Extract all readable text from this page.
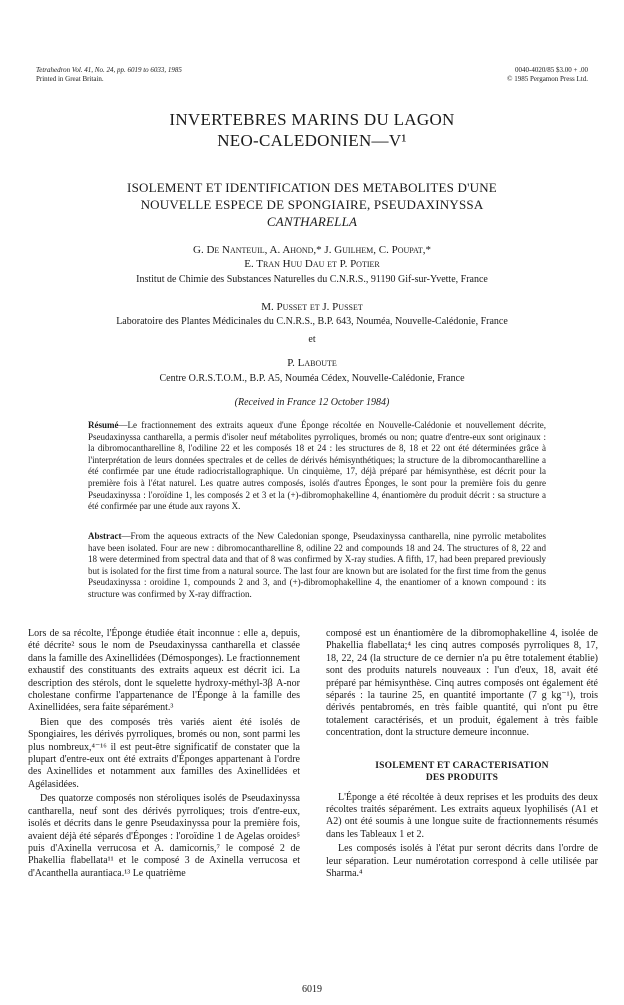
Tetrahedron Vol. 41, No. 24, pp. 6019 to 6033, 1985
Printed in Great Britain.
0040-4020/85 $3.00 + .00
© 1985 Pergamon Press Ltd.
INVERTEBRES MARINS DU LAGON
NEO-CALEDONIEN—V¹
ISOLEMENT ET IDENTIFICATION DES METABOLITES D'UNE
NOUVELLE ESPECE DE SPONGIAIRE, PSEUDAXINYSSA
CANTHARELLA
G. De Nanteuil, A. Ahond,* J. Guilhem, C. Poupat,*
E. Tran Huu Dau et P. Potier
Institut de Chimie des Substances Naturelles du C.N.R.S., 91190 Gif-sur-Yvette, France
M. Pusset et J. Pusset
Laboratoire des Plantes Médicinales du C.N.R.S., B.P. 643, Nouméa, Nouvelle-Calédonie, France
et
P. Laboute
Centre O.R.S.T.O.M., B.P. A5, Nouméa Cédex, Nouvelle-Calédonie, France
(Received in France 12 October 1984)
Résumé—Le fractionnement des extraits aqueux d'une Éponge récoltée en Nouvelle-Calédonie et nouvellement décrite, Pseudaxinyssa cantharella, a permis d'isoler neuf métabolites pyrroliques, bromés ou non; quatre d'entre-eux sont originaux : la dibromocantharelline 8, l'odiline 22 et les composés 18 et 24 : les structures de 8, 18 et 22 ont été déterminées grâce à l'interprétation de leurs données spectrales et de celles de dérivés hémisynthétiques; la structure de la dibromocantharelline a été confirmée par une étude radiocristallographique. Un cinquième, 17, déjà préparé par hémisynthèse, est décrit pour la première fois à l'état naturel. Les quatre autres composés, isolés d'autres Éponges, le sont pour la première fois du genre Pseudaxinyssa : l'oroïdine 1, les composés 2 et 3 et la (+)-dibromophakelline 4, énantiomère du produit décrit : sa structure a été confirmée par une étude aux rayons X.
Abstract—From the aqueous extracts of the New Caledonian sponge, Pseudaxinyssa cantharella, nine pyrrolic metabolites have been isolated. Four are new : dibromocantharelline 8, odiline 22 and compounds 18 and 24. The structures of 8, 22 and 18 were determined from spectral data and that of 8 was confirmed by X-ray studies. A fifth, 17, had been prepared previously but is isolated for the first time from a natural source. The last four are known but are isolated for the first time from the genus Pseudaxinyssa : oroidine 1, compounds 2 and 3, and (+)-dibromophakelline 4, the enantiomer of a known compound : its structure was confirmed by X-ray diffraction.

Lors de sa récolte, l'Éponge étudiée était inconnue : elle a, depuis, été décrite² sous le nom de Pseudaxinyssa cantharella et classée dans la famille des Axinellidées (Démosponges). Le fractionnement exhaustif des constituants des extraits aqueux est décrit ici. La description des stérols, dont le squelette hydroxy-méthyl-3β A-nor cholestane confirme l'appartenance de l'Éponge à la famille des Axinellidées, sera faite séparément.³

Bien que des composés très variés aient été isolés de Spongiaires, les dérivés pyrroliques, bromés ou non, sont parmi les plus nombreux,⁴⁻¹⁶ il est peut-être significatif de constater que la plupart d'entre-eux ont été extraits d'Éponges appartenant à l'ordre des Axinellides et notamment aux familles des Axinellidées et Agélasidées.

Des quatorze composés non stéroliques isolés de Pseudaxinyssa cantharella, neuf sont des dérivés pyrroliques; trois d'entre-eux, isolés et décrits dans le genre Pseudaxinyssa pour la première fois, avaient déjà été séparés d'Éponges : l'oroïdine 1 de Agelas oroides⁵ puis d'Axinella verrucosa et A. damicornis,⁷ le composé 2 de Phakellia flabellata¹¹ et le composé 3 de Axinella verrucosa et d'Acanthella aurantiaca.¹³ Le quatrième

composé est un énantiomère de la dibromophakelline 4, isolée de Phakellia flabellata;⁴ les cinq autres composés pyrroliques 8, 17, 18, 22, 24 (la structure de ce dernier n'a pu être totalement établie) sont des produits naturels nouveaux : l'un d'eux, 18, avait été préparé par hémisynthèse. Cinq autres composés ont également été séparés : la taurine 25, en quantité importante (7 g kg⁻¹), trois dérivés pentabromés, en très faible quantité, qui n'ont pu être totalement caractérisés, et un produit, également à très faible concentration, dont la structure demeure inconnue.

ISOLEMENT ET CARACTERISATION
DES PRODUITS

L'Éponge a été récoltée à deux reprises et les produits des deux récoltes traités séparément. Les extraits aqueux lyophilisés (A1 et A2) ont été soumis à une longue suite de fractionnements résumés dans les Tableaux 1 et 2.

Les composés isolés à l'état pur seront décrits dans l'ordre de leur séparation. Leur numérotation correspond à celle utilisée par Sharma.⁴

6019
